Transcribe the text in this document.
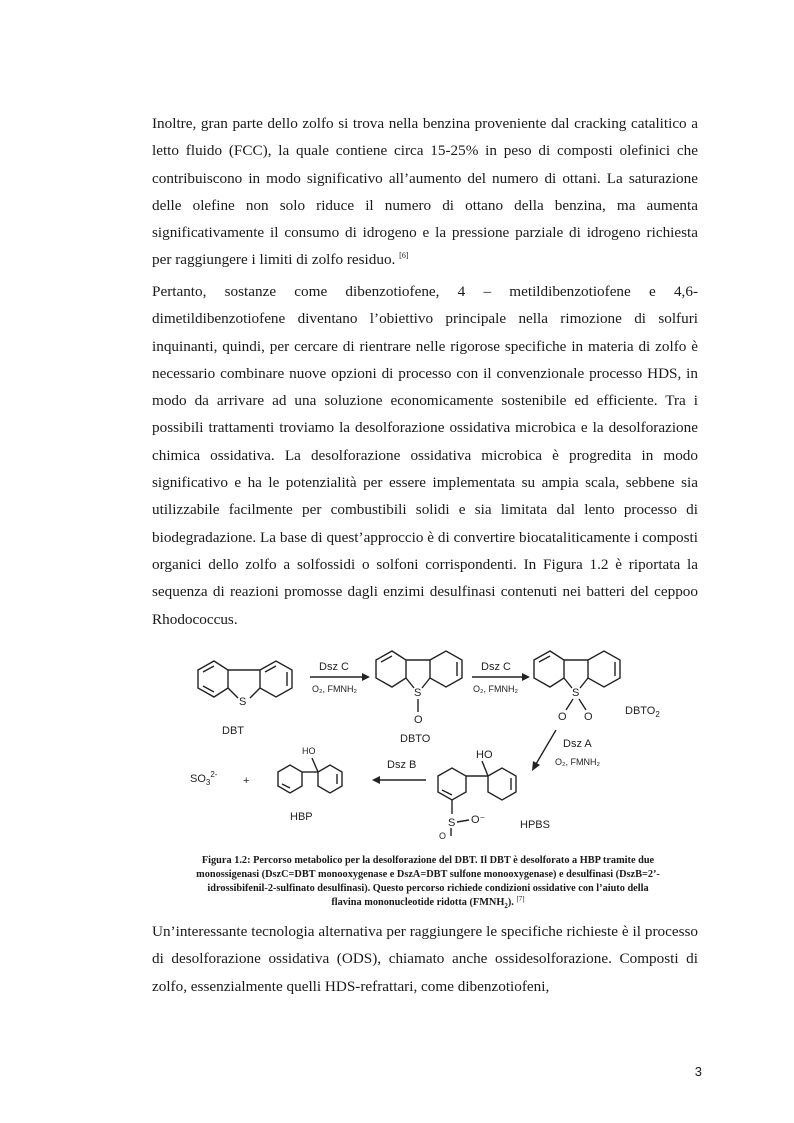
Inoltre, gran parte dello zolfo si trova nella benzina proveniente dal cracking catalitico a letto fluido (FCC), la quale contiene circa 15-25% in peso di composti olefinici che contribuiscono in modo significativo all’aumento del numero di ottani. La saturazione delle olefine non solo riduce il numero di ottano della benzina, ma aumenta significativamente il consumo di idrogeno e la pressione parziale di idrogeno richiesta per raggiungere i limiti di zolfo residuo. [6]

Pertanto, sostanze come dibenzotiofene, 4 – metildibenzotiofene e 4,6-dimetildibenzotiofene diventano l’obiettivo principale nella rimozione di solfuri inquinanti, quindi, per cercare di rientrare nelle rigorose specifiche in materia di zolfo è necessario combinare nuove opzioni di processo con il convenzionale processo HDS, in modo da arrivare ad una soluzione economicamente sostenibile ed efficiente. Tra i possibili trattamenti troviamo la desolforazione ossidativa microbica e la desolforazione chimica ossidativa. La desolforazione ossidativa microbica è progredita in modo significativo e ha le potenzialità per essere implementata su ampia scala, sebbene sia utilizzabile facilmente per combustibili solidi e sia limitata dal lento processo di biodegradazione. La base di quest’approccio è di convertire biocataliticamente i composti organici dello zolfo a solfossidi o solfoni corrispondenti. In Figura 1.2 è riportata la sequenza di reazioni promosse dagli enzimi desulfinasi contenuti nei batteri del ceppoo Rhodococcus.

S
DBT
Dsz C
O₂, FMNH₂	S
O
DBTO
Dsz C
O₂, FMNH₂	S
O O	$DBTO_2$
Dsz A
O₂, FMNH₂
HO
S O⁻
O
HPBS
Dsz B
HO
HBP
$SO_3^{2-}$
+
Figura 1.2: Percorso metabolico per la desolforazione del DBT. Il DBT è desolforato a HBP tramite due
monossigenasi (DszC=DBT monooxygenase e DszA=DBT sulfone monooxygenase) e desulfinasi (DszB=2’-
idrossibifenil-2-sulfinato desulfinasi). Questo percorso richiede condizioni ossidative con l’aiuto della
flavina mononucleotide ridotta $(FMNH_2)$. [7]

Un’interessante tecnologia alternativa per raggiungere le specifiche richieste è il processo di desolforazione ossidativa (ODS), chiamato anche ossidesolforazione. Composti di zolfo, essenzialmente quelli HDS-refrattari, come dibenzotiofeni,

3
